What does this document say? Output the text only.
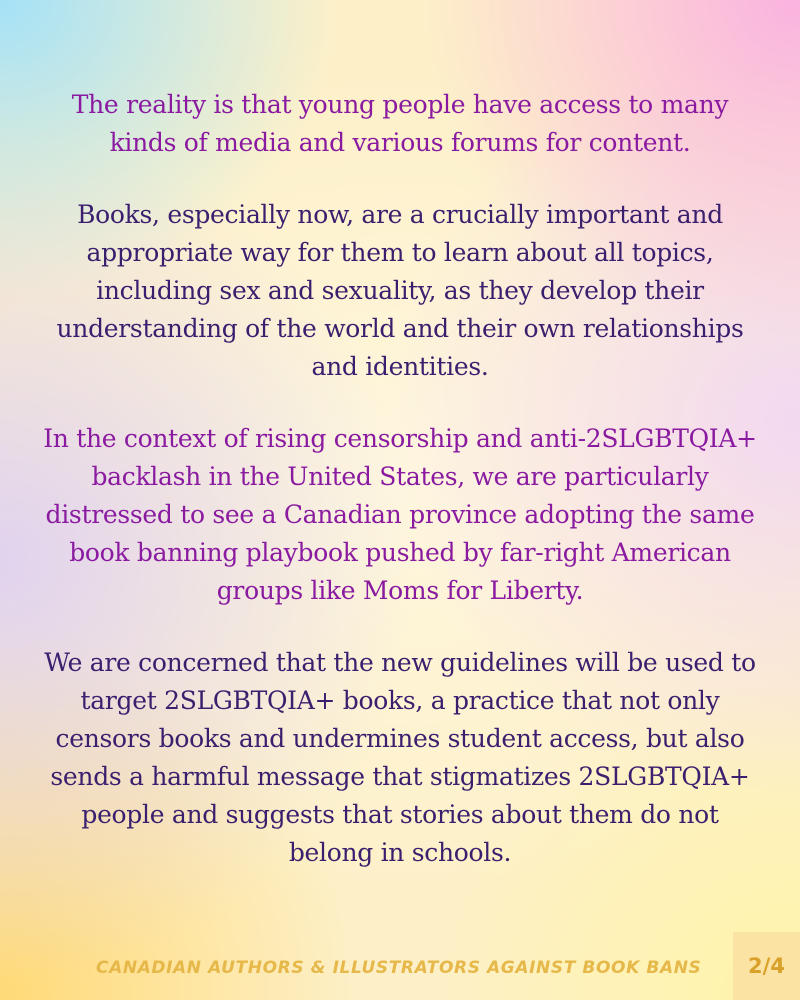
The reality is that young people have access to many kinds of media and various forums for content.

Books, especially now, are a crucially important and appropriate way for them to learn about all topics, including sex and sexuality, as they develop their understanding of the world and their own relationships and identities.

In the context of rising censorship and anti-2SLGBTQIA+ backlash in the United States, we are particularly distressed to see a Canadian province adopting the same book banning playbook pushed by far-right American groups like Moms for Liberty.

We are concerned that the new guidelines will be used to target 2SLGBTQIA+ books, a practice that not only censors books and undermines student access, but also sends a harmful message that stigmatizes 2SLGBTQIA+ people and suggests that stories about them do not belong in schools.

CANADIAN AUTHORS & ILLUSTRATORS AGAINST BOOK BANS 2/4
